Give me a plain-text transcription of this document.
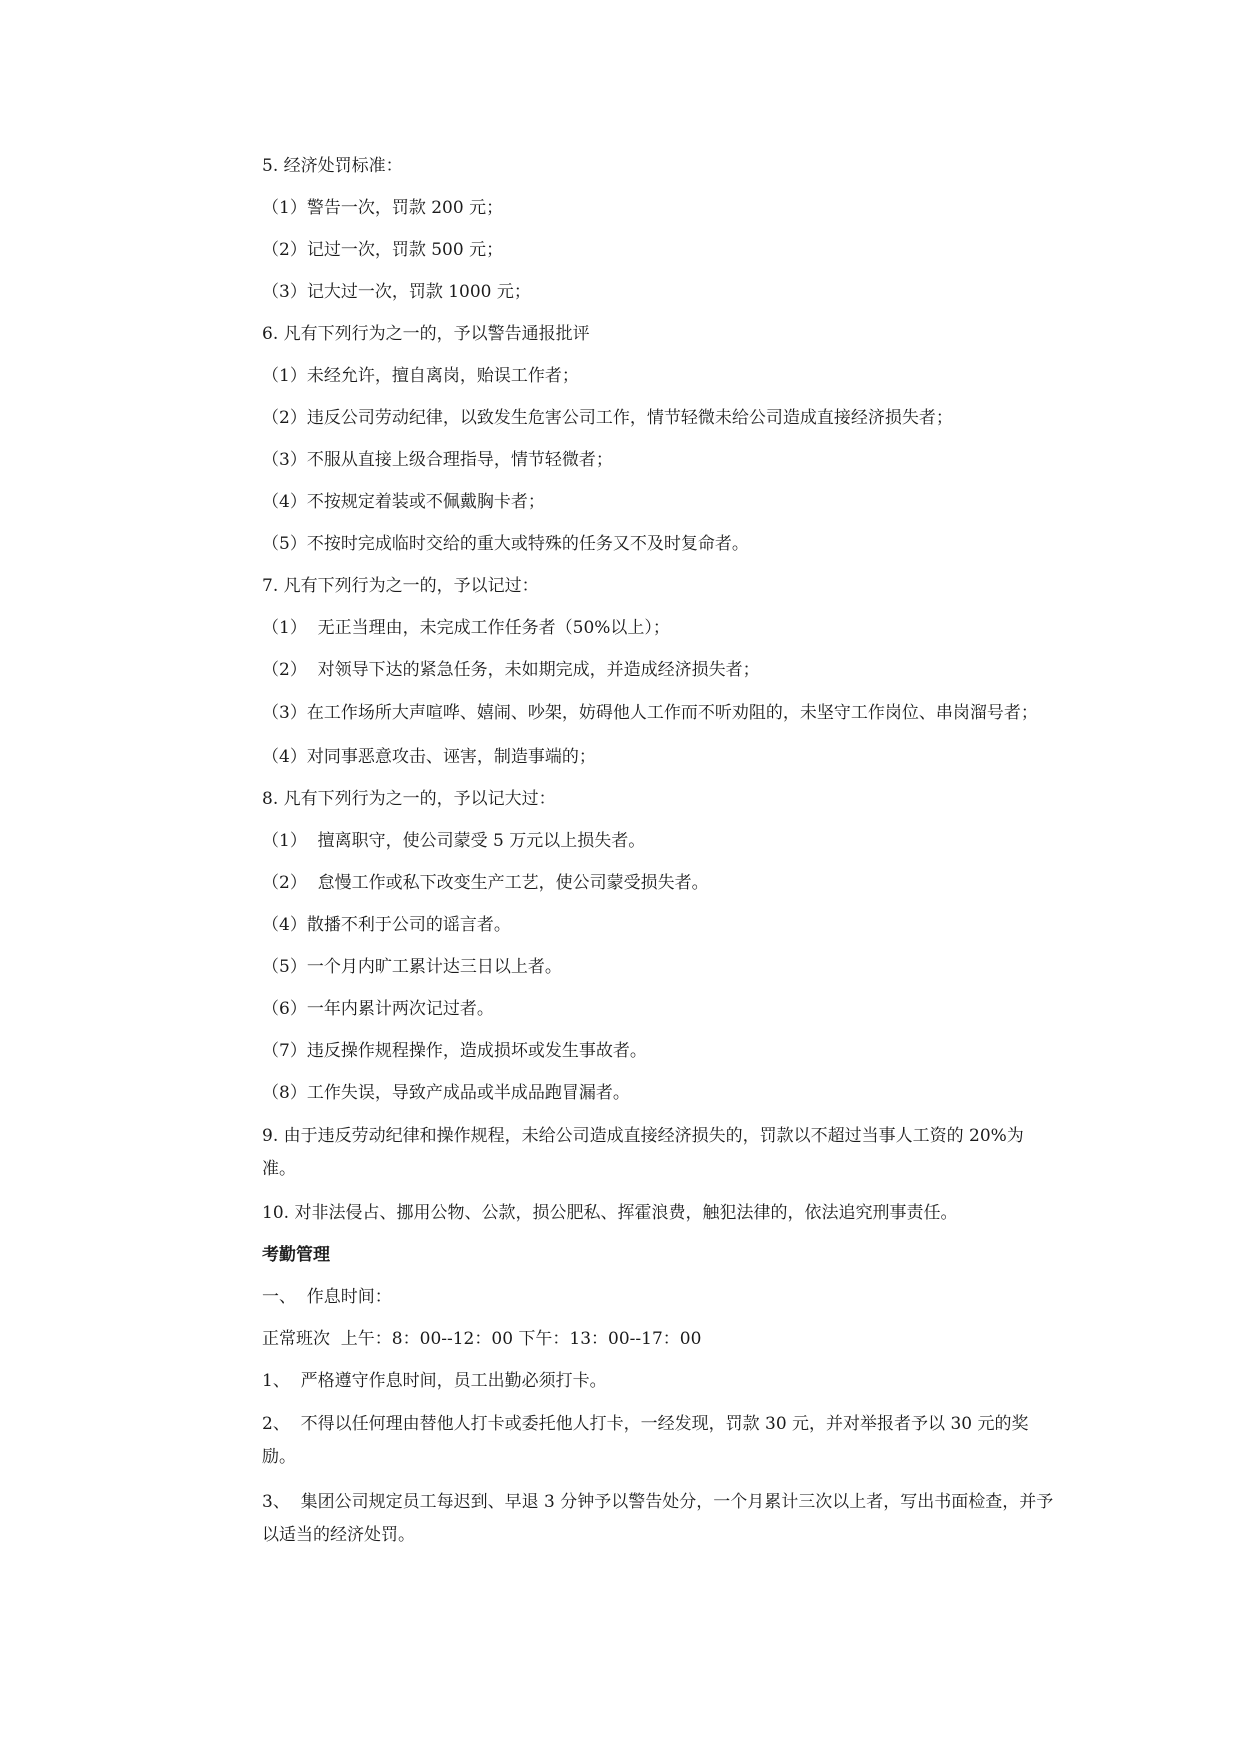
5. 经济处罚标准：

（1）警告一次，罚款 200 元；

（2）记过一次，罚款 500 元；

（3）记大过一次，罚款 1000 元；

6. 凡有下列行为之一的，予以警告通报批评

（1）未经允许，擅自离岗，贻误工作者；

（2）违反公司劳动纪律，以致发生危害公司工作，情节轻微未给公司造成直接经济损失者；

（3）不服从直接上级合理指导，情节轻微者；

（4）不按规定着装或不佩戴胸卡者；

（5）不按时完成临时交给的重大或特殊的任务又不及时复命者。

7. 凡有下列行为之一的，予以记过：

（1）  无正当理由，未完成工作任务者（50%以上）；

（2）  对领导下达的紧急任务，未如期完成，并造成经济损失者；

（3）在工作场所大声喧哗、嬉闹、吵架，妨碍他人工作而不听劝阻的，未坚守工作岗位、串岗溜号者；

（4）对同事恶意攻击、诬害，制造事端的；

8. 凡有下列行为之一的，予以记大过：

（1）  擅离职守，使公司蒙受 5 万元以上损失者。

（2）  怠慢工作或私下改变生产工艺，使公司蒙受损失者。

（4）散播不利于公司的谣言者。

（5）一个月内旷工累计达三日以上者。

（6）一年内累计两次记过者。

（7）违反操作规程操作，造成损坏或发生事故者。

（8）工作失误，导致产成品或半成品跑冒漏者。

9. 由于违反劳动纪律和操作规程，未给公司造成直接经济损失的，罚款以不超过当事人工资的 20%为准。

10. 对非法侵占、挪用公物、公款，损公肥私、挥霍浪费，触犯法律的，依法追究刑事责任。

考勤管理

一、  作息时间：

正常班次  上午：8：00--12：00 下午：13：00--17：00

1、  严格遵守作息时间，员工出勤必须打卡。

2、  不得以任何理由替他人打卡或委托他人打卡，一经发现，罚款 30 元，并对举报者予以 30 元的奖励。

3、  集团公司规定员工每迟到、早退 3 分钟予以警告处分，一个月累计三次以上者，写出书面检查，并予以适当的经济处罚。
